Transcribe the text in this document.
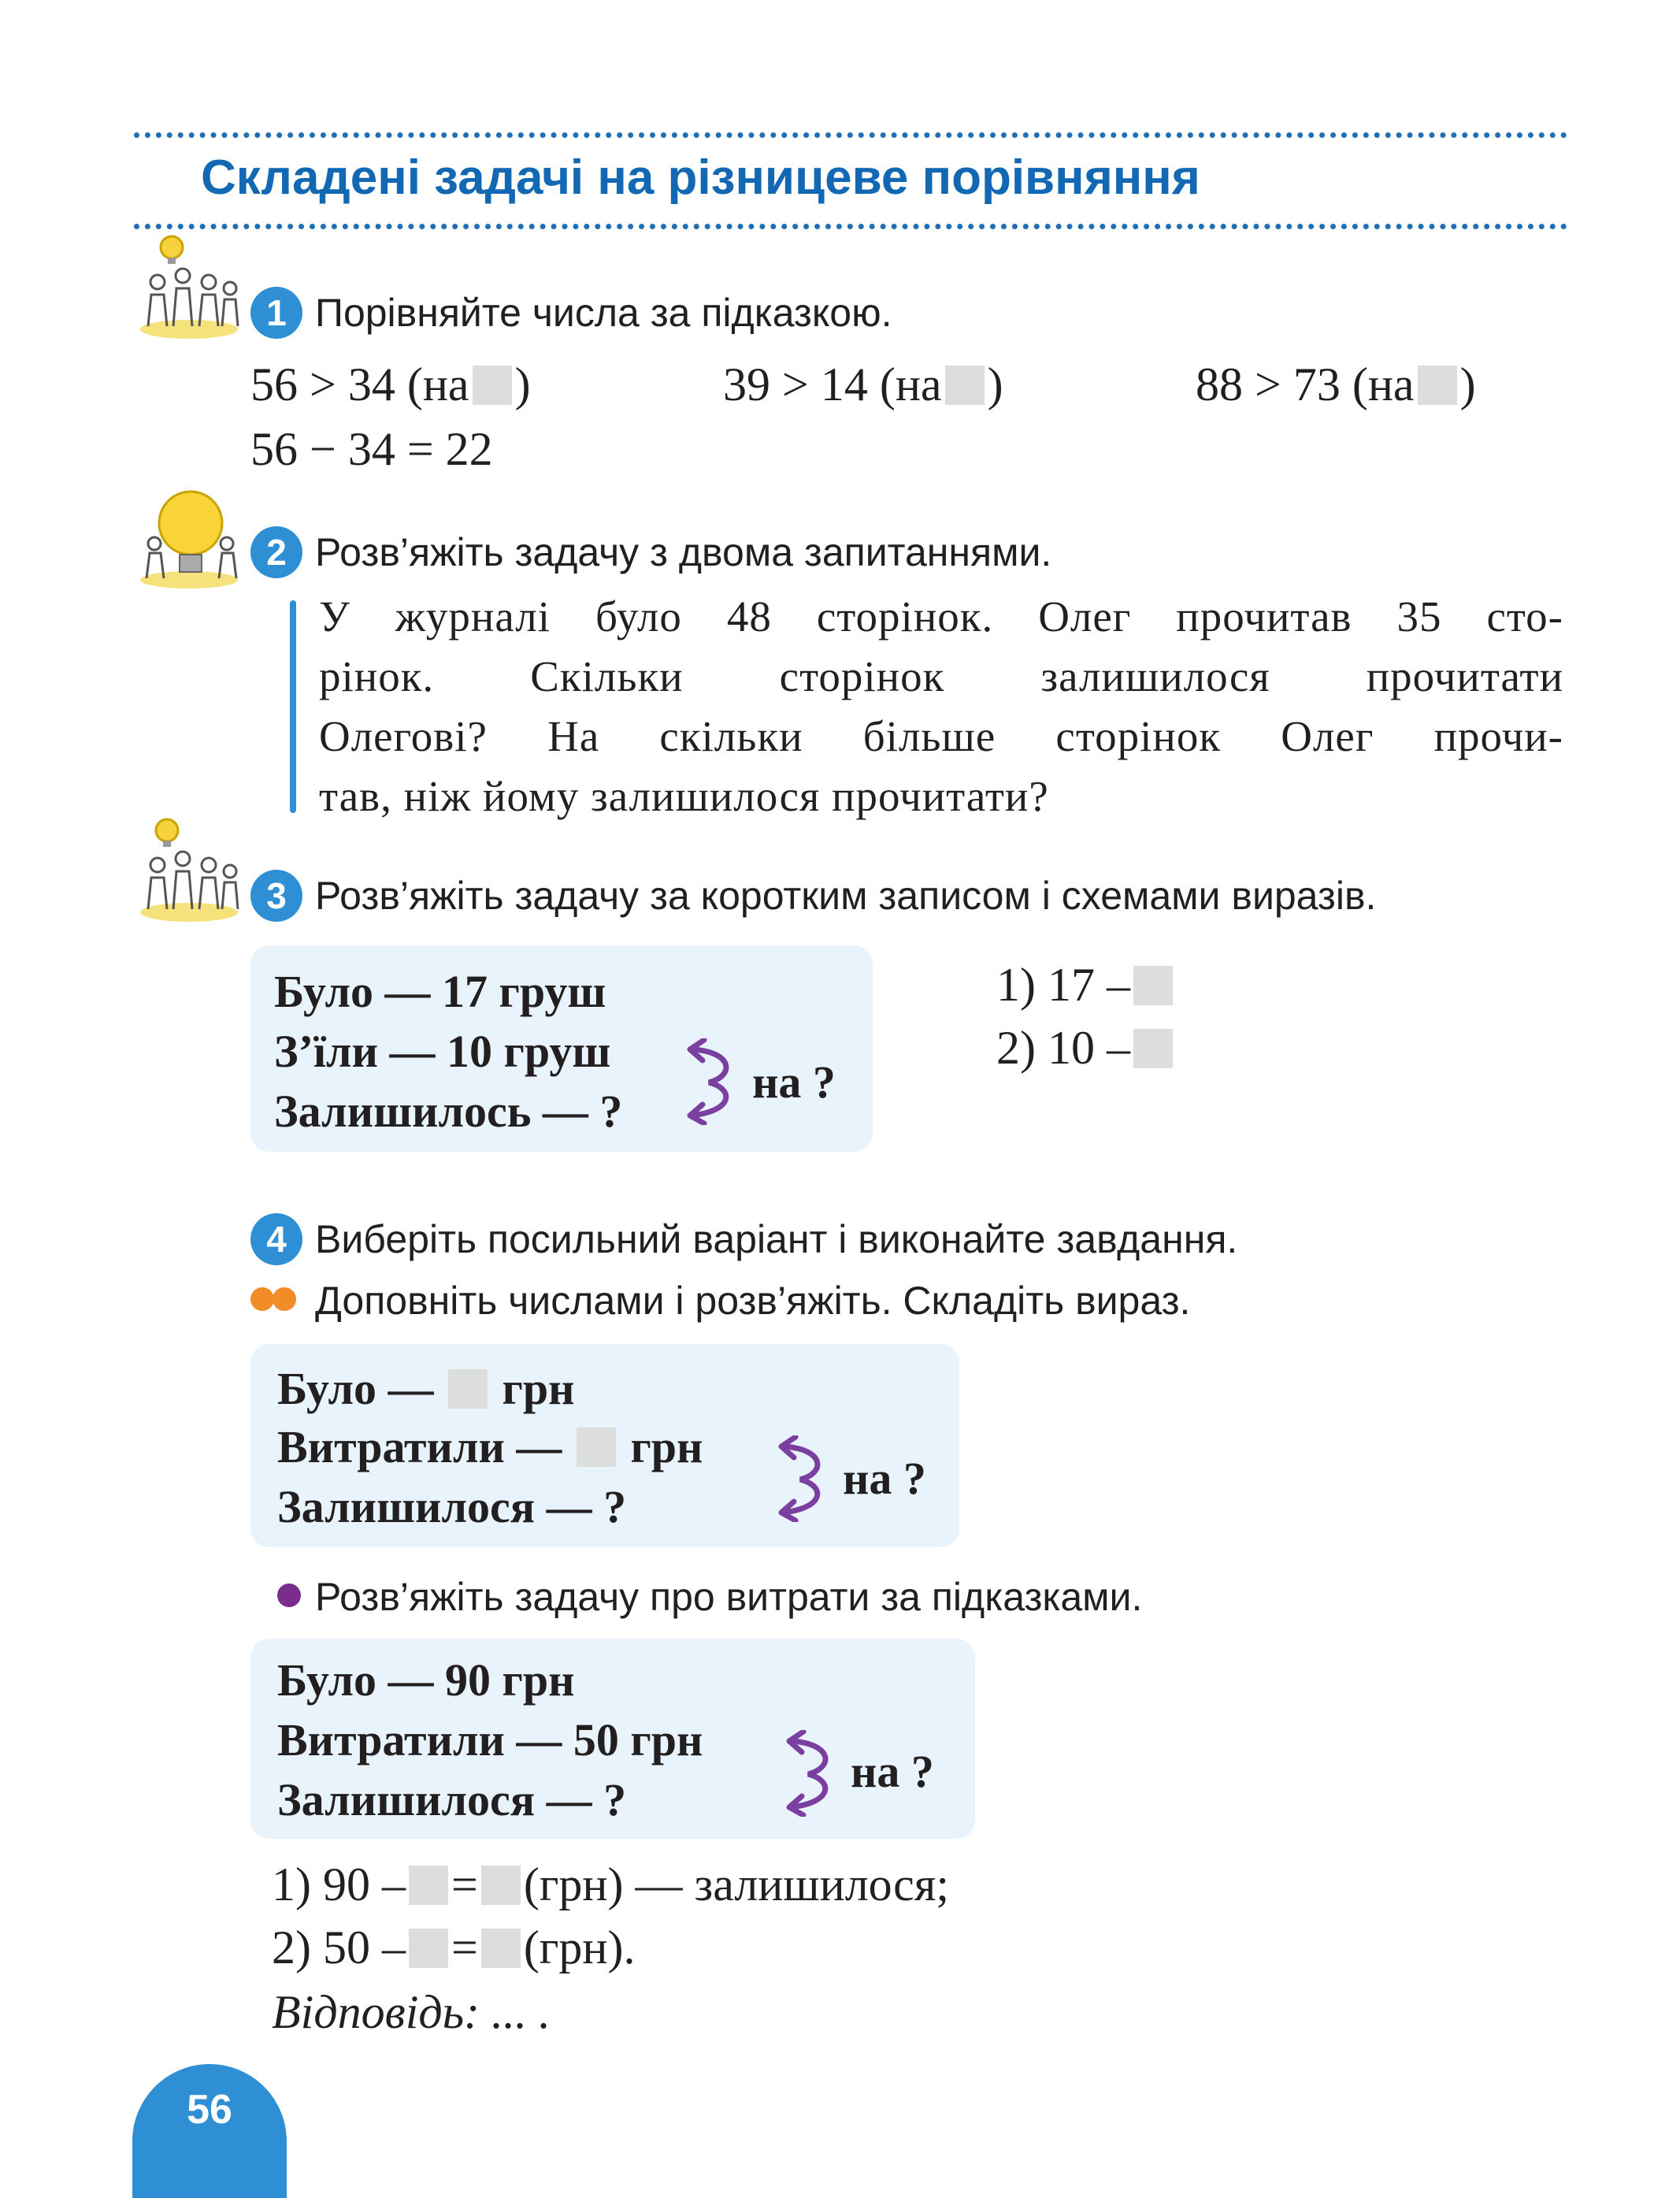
Складені задачі на різницеве порівняння
1 Порівняйте числа за підказкою.
56 > 34 (на )	39 > 14 (на )	88 > 73 (на )
56 − 34 = 22
2 Розв’яжіть задачу з двома запитаннями.
У журналі було 48 сторінок. Олег прочитав 35 сто-
рінок. Скільки сторінок залишилося прочитати
Олегові? На скільки більше сторінок Олег прочи-
тав, ніж йому залишилося прочитати?
3 Розв’яжіть задачу за коротким записом і схемами виразів.
Було — 17 груш
З’їли — 10 груш
Залишилось — ?
на ?
1) 17 –
2) 10 –
4 Виберіть посильний варіант і виконайте завдання.
Доповніть числами і розв’яжіть. Складіть вираз.
Було — грн
Витратили — грн
Залишилося — ?
на ?
Розв’яжіть задачу про витрати за підказками.
Було — 90 грн
Витратили — 50 грн
Залишилося — ?
на ?
1) 90 – = (грн) — залишилося;
2) 50 – = (грн).
Відповідь: ... .
56
